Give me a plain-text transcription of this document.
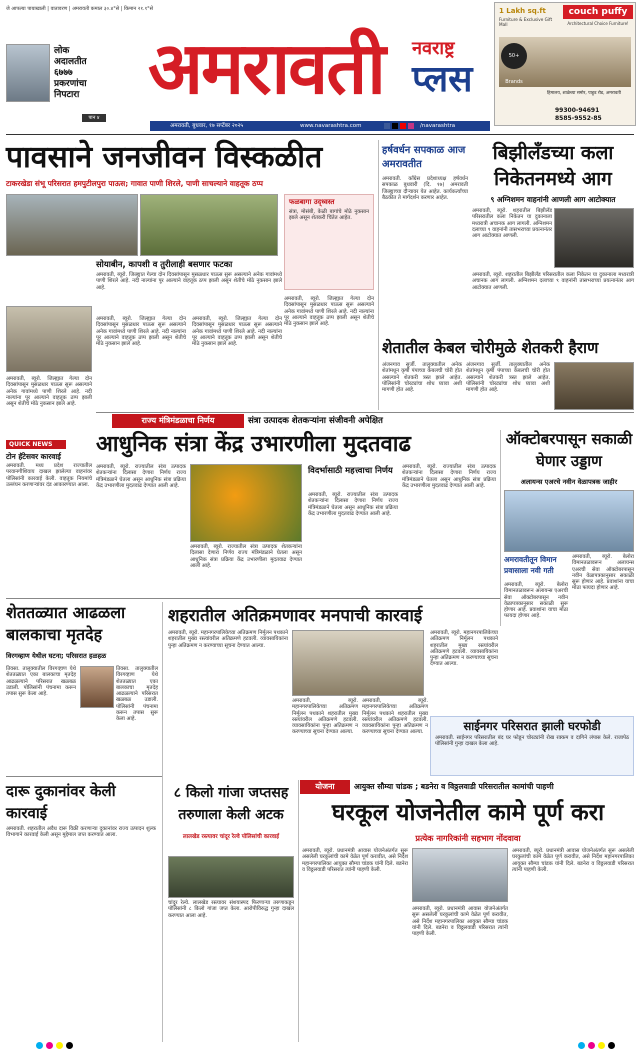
जे आपल्या पायाखाली | वातावरण | अमरावती कमाल ३०.४°से | किमान २१.१°से
लोक अदालतीत ६७७७ प्रकरणांचा निपटारा
पान ४
अमरावती	नवराष्ट्र
प्लस
अमरावती, बुधवार, १७ सप्टेंबर २०२५	www.navarashtra.com	/navarashtra
1 Lakh sq.ft
Furniture & Exclusive Gift Mall
couch puffy
Architectural Choice Furniture!
50+ Brands
हिमालय, शाळेच्या समोर, पाहुड रोड, अमरावती
99300-94691
8585-9552-85
पावसाने जनजीवन विस्कळीत
टाकरखेडा संभू परिसरात हमपुटीलपुरा पाऊस; गावात पाणी शिरले, पाणी साचल्याने वाहतूक ठप्प
सोयाबीन, कापशी व तुरीलाही बसणार फटका
फळबागा उद्ध्वस्त
संत्रा, मोसंबी, केळी बागांचे मोठे नुकसान झाले असून शेतकरी चिंतेत आहेत.
अमरावती, ब्यूरो. जिल्ह्यात गेल्या दोन दिवसांपासून मुसळधार पाऊस सुरू असल्याने अनेक गावांमध्ये पाणी शिरले आहे. नदी नाल्यांना पूर आल्याने वाहतूक ठप्प झाली असून शेतीचे मोठे नुकसान झाले आहे.
अमरावती, ब्यूरो. जिल्ह्यात गेल्या दोन दिवसांपासून मुसळधार पाऊस सुरू असल्याने अनेक गावांमध्ये पाणी शिरले आहे. नदी नाल्यांना पूर आल्याने वाहतूक ठप्प झाली असून शेतीचे मोठे नुकसान झाले आहे.
अमरावती, ब्यूरो. जिल्ह्यात गेल्या दोन दिवसांपासून मुसळधार पाऊस सुरू असल्याने अनेक गावांमध्ये पाणी शिरले आहे. नदी नाल्यांना पूर आल्याने वाहतूक ठप्प झाली असून शेतीचे मोठे नुकसान झाले आहे.
अमरावती, ब्यूरो. जिल्ह्यात गेल्या दोन दिवसांपासून मुसळधार पाऊस सुरू असल्याने अनेक गावांमध्ये पाणी शिरले आहे. नदी नाल्यांना पूर आल्याने वाहतूक ठप्प झाली असून शेतीचे मोठे नुकसान झाले आहे.
अमरावती, ब्यूरो. जिल्ह्यात गेल्या दोन दिवसांपासून मुसळधार पाऊस सुरू असल्याने अनेक गावांमध्ये पाणी शिरले आहे. नदी नाल्यांना पूर आल्याने वाहतूक ठप्प झाली असून शेतीचे मोठे नुकसान झाले आहे.
QUICK NEWS
टोन हॅटेसवर कारवाई
अमरावती. मध्य प्रदेश राज्यातील परवानगीशिवाय दाखल झालेल्या वाहनांवर पोलिसांनी कारवाई केली. वाहतूक नियमांचे उल्लंघन करणाऱ्यांवर दंड आकारण्यात आला.
हर्षवर्धन सपकाळ आज अमरावतीत
अमरावती. काँग्रेस प्रदेशाध्यक्ष हर्षवर्धन सपकाळ बुधवारी (दि. १७) अमरावती जिल्ह्याच्या दौऱ्यावर येत आहेत. कार्यकर्त्यांच्या बैठकीत ते मार्गदर्शन करणार आहेत.
बिझीलँडच्या कला निकेतनमध्ये आग
९ अग्निशमन वाहनांनी आणली आग आटोक्यात
अमरावती, ब्यूरो. शहरातील बिझीलँड परिसरातील कला निकेतन या दुकानाला मध्यरात्री अचानक आग लागली. अग्निशमन दलाच्या ९ वाहनांनी तासभराच्या प्रयत्नानंतर आग आटोक्यात आणली.
अमरावती, ब्यूरो. शहरातील बिझीलँड परिसरातील कला निकेतन या दुकानाला मध्यरात्री अचानक आग लागली. अग्निशमन दलाच्या ९ वाहनांनी तासभराच्या प्रयत्नानंतर आग आटोक्यात आणली.
शेतातील केबल चोरीमुळे शेतकरी हैराण
अंजनगाव सुर्जी. तालुक्यातील अनेक शेतांमधून कृषी पंपाच्या केबलची चोरी होत असल्याने शेतकरी त्रस्त झाले आहेत. पोलिसांनी चोरट्यांचा शोध घ्यावा अशी मागणी होत आहे.
अंजनगाव सुर्जी. तालुक्यातील अनेक शेतांमधून कृषी पंपाच्या केबलची चोरी होत असल्याने शेतकरी त्रस्त झाले आहेत. पोलिसांनी चोरट्यांचा शोध घ्यावा अशी मागणी होत आहे.
राज्य मंत्रिमंडळाचा निर्णय	संत्रा उत्पादक शेतकऱ्यांना संजीवनी अपेक्षित
आधुनिक संत्रा केंद्र उभारणीला मुदतवाढ
अमरावती, ब्यूरो. राज्यातील संत्रा उत्पादक शेतकऱ्यांना दिलासा देणारा निर्णय राज्य मंत्रिमंडळाने घेतला असून आधुनिक संत्रा प्रक्रिया केंद्र उभारणीला मुदतवाढ देण्यात आली आहे.
अमरावती, ब्यूरो. राज्यातील संत्रा उत्पादक शेतकऱ्यांना दिलासा देणारा निर्णय राज्य मंत्रिमंडळाने घेतला असून आधुनिक संत्रा प्रक्रिया केंद्र उभारणीला मुदतवाढ देण्यात आली आहे.
विदर्भासाठी महत्त्वाचा निर्णय
अमरावती, ब्यूरो. राज्यातील संत्रा उत्पादक शेतकऱ्यांना दिलासा देणारा निर्णय राज्य मंत्रिमंडळाने घेतला असून आधुनिक संत्रा प्रक्रिया केंद्र उभारणीला मुदतवाढ देण्यात आली आहे.
अमरावती, ब्यूरो. राज्यातील संत्रा उत्पादक शेतकऱ्यांना दिलासा देणारा निर्णय राज्य मंत्रिमंडळाने घेतला असून आधुनिक संत्रा प्रक्रिया केंद्र उभारणीला मुदतवाढ देण्यात आली आहे.
ऑक्टोबरपासून सकाळी घेणार उड्डाण
अलायन्स एअरचे नवीन वेळापत्रक जाहीर
अमरावतीतून विमान प्रवासाला नवी गती
अमरावती, ब्यूरो. बेलोरा विमानतळावरून अलायन्स एअरची सेवा ऑक्टोबरपासून नवीन वेळापत्रकानुसार सकाळी सुरू होणार आहे. प्रवाशांना याचा मोठा फायदा होणार आहे.
अमरावती, ब्यूरो. बेलोरा विमानतळावरून अलायन्स एअरची सेवा ऑक्टोबरपासून नवीन वेळापत्रकानुसार सकाळी सुरू होणार आहे. प्रवाशांना याचा मोठा फायदा होणार आहे.
शेततळ्यात आढळला बालकाचा मृतदेह
विरगव्हाण येथील घटना; परिसरात हळहळ
तिवसा. तालुक्यातील विरगव्हाण येथे शेततळ्यात एका बालकाचा मृतदेह आढळल्याने परिसरात खळबळ उडाली. पोलिसांनी पंचनामा करून तपास सुरू केला आहे.
तिवसा. तालुक्यातील विरगव्हाण येथे शेततळ्यात एका बालकाचा मृतदेह आढळल्याने परिसरात खळबळ उडाली. पोलिसांनी पंचनामा करून तपास सुरू केला आहे.
शहरातील अतिक्रमणावर मनपाची कारवाई
अमरावती, ब्यूरो. महानगरपालिकेच्या अतिक्रमण निर्मूलन पथकाने शहरातील मुख्य रस्त्यांवरील अतिक्रमणे हटवली. व्यावसायिकांना पुन्हा अतिक्रमण न करण्याच्या सूचना देण्यात आल्या.
अमरावती, ब्यूरो. महानगरपालिकेच्या अतिक्रमण निर्मूलन पथकाने शहरातील मुख्य रस्त्यांवरील अतिक्रमणे हटवली. व्यावसायिकांना पुन्हा अतिक्रमण न करण्याच्या सूचना देण्यात आल्या.
अमरावती, ब्यूरो. महानगरपालिकेच्या अतिक्रमण निर्मूलन पथकाने शहरातील मुख्य रस्त्यांवरील अतिक्रमणे हटवली. व्यावसायिकांना पुन्हा अतिक्रमण न करण्याच्या सूचना देण्यात आल्या.
अमरावती, ब्यूरो. महानगरपालिकेच्या अतिक्रमण निर्मूलन पथकाने शहरातील मुख्य रस्त्यांवरील अतिक्रमणे हटवली. व्यावसायिकांना पुन्हा अतिक्रमण न करण्याच्या सूचना देण्यात आल्या.
साईनगर परिसरात झाली घरफोडी
अमरावती. साईनगर परिसरातील बंद घर फोडून चोरट्यांनी रोख रक्कम व दागिने लंपास केले. राजापेठ पोलिसांनी गुन्हा दाखल केला आहे.
योजना	आयुक्त सौम्या चांडक ; बडनेरा व विठ्ठलवाडी परिसरातील कामांची पाहणी
दारू दुकानांवर केली कारवाई
अमरावती. शहरातील अवैध दारू विक्री करणाऱ्या दुकानांवर राज्य उत्पादन शुल्क विभागाने कारवाई केली असून मुद्देमाल जप्त करण्यात आला.
८ किलो गांजा जप्तसह तरुणाला केली अटक
लालखेड रस्त्यावर चांदूर रेल्वे पोलिसांची कारवाई
चांदूर रेल्वे. लालखेड रस्त्यावर संशयास्पद फिरणाऱ्या तरुणाकडून पोलिसांनी ८ किलो गांजा जप्त केला. आरोपीविरुद्ध गुन्हा दाखल करण्यात आला आहे.
घरकूल योजनेतील कामे पूर्ण करा
प्रत्येक नागरिकांनी सहभाग नोंदवावा
अमरावती, ब्यूरो. प्रधानमंत्री आवास योजनेअंतर्गत सुरू असलेली घरकुलांची कामे वेळेत पूर्ण करावीत, असे निर्देश महानगरपालिका आयुक्त सौम्या चांडक यांनी दिले. बडनेरा व विठ्ठलवाडी परिसरात त्यांनी पाहणी केली.
अमरावती, ब्यूरो. प्रधानमंत्री आवास योजनेअंतर्गत सुरू असलेली घरकुलांची कामे वेळेत पूर्ण करावीत, असे निर्देश महानगरपालिका आयुक्त सौम्या चांडक यांनी दिले. बडनेरा व विठ्ठलवाडी परिसरात त्यांनी पाहणी केली.
अमरावती, ब्यूरो. प्रधानमंत्री आवास योजनेअंतर्गत सुरू असलेली घरकुलांची कामे वेळेत पूर्ण करावीत, असे निर्देश महानगरपालिका आयुक्त सौम्या चांडक यांनी दिले. बडनेरा व विठ्ठलवाडी परिसरात त्यांनी पाहणी केली.
